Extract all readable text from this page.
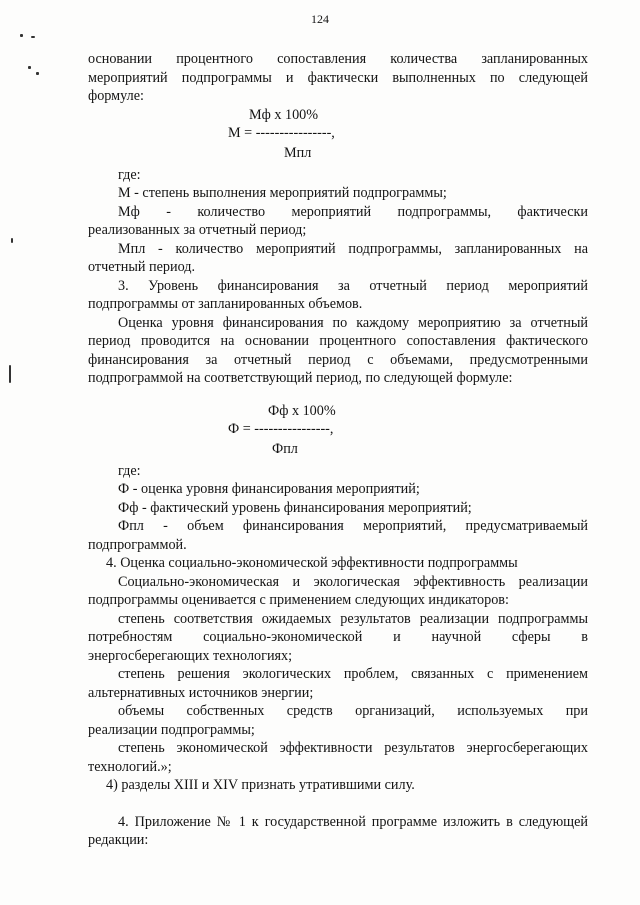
124

основании процентного сопоставления количества запланированных

мероприятий подпрограммы и фактически выполненных по следующей

формуле:

Мф х 100%
М = ----------------,
Мпл

где:

М - степень выполнения мероприятий подпрограммы;

Мф - количество мероприятий подпрограммы, фактически

реализованных за отчетный период;

Мпл - количество мероприятий подпрограммы, запланированных на

отчетный период.

3. Уровень финансирования за отчетный период мероприятий

подпрограммы от запланированных объемов.

Оценка уровня финансирования по каждому мероприятию за отчетный

период проводится на основании процентного сопоставления фактического

финансирования за отчетный период с объемами, предусмотренными

подпрограммой на соответствующий период, по следующей формуле:

Фф х 100%
Ф = ----------------,
Фпл

где:

Ф - оценка уровня финансирования мероприятий;

Фф - фактический уровень финансирования мероприятий;

Фпл - объем финансирования мероприятий, предусматриваемый

подпрограммой.

4. Оценка социально-экономической эффективности подпрограммы

Социально-экономическая и экологическая эффективность реализации

подпрограммы оценивается с применением следующих индикаторов:

степень соответствия ожидаемых результатов реализации подпрограммы

потребностям социально-экономической и научной сферы в

энергосберегающих технологиях;

степень решения экологических проблем, связанных с применением

альтернативных источников энергии;

объемы собственных средств организаций, используемых при

реализации подпрограммы;

степень экономической эффективности результатов энергосберегающих

технологий.»;

4) разделы XIII и XIV признать утратившими силу.

4. Приложение № 1 к государственной программе изложить в следующей

редакции:
